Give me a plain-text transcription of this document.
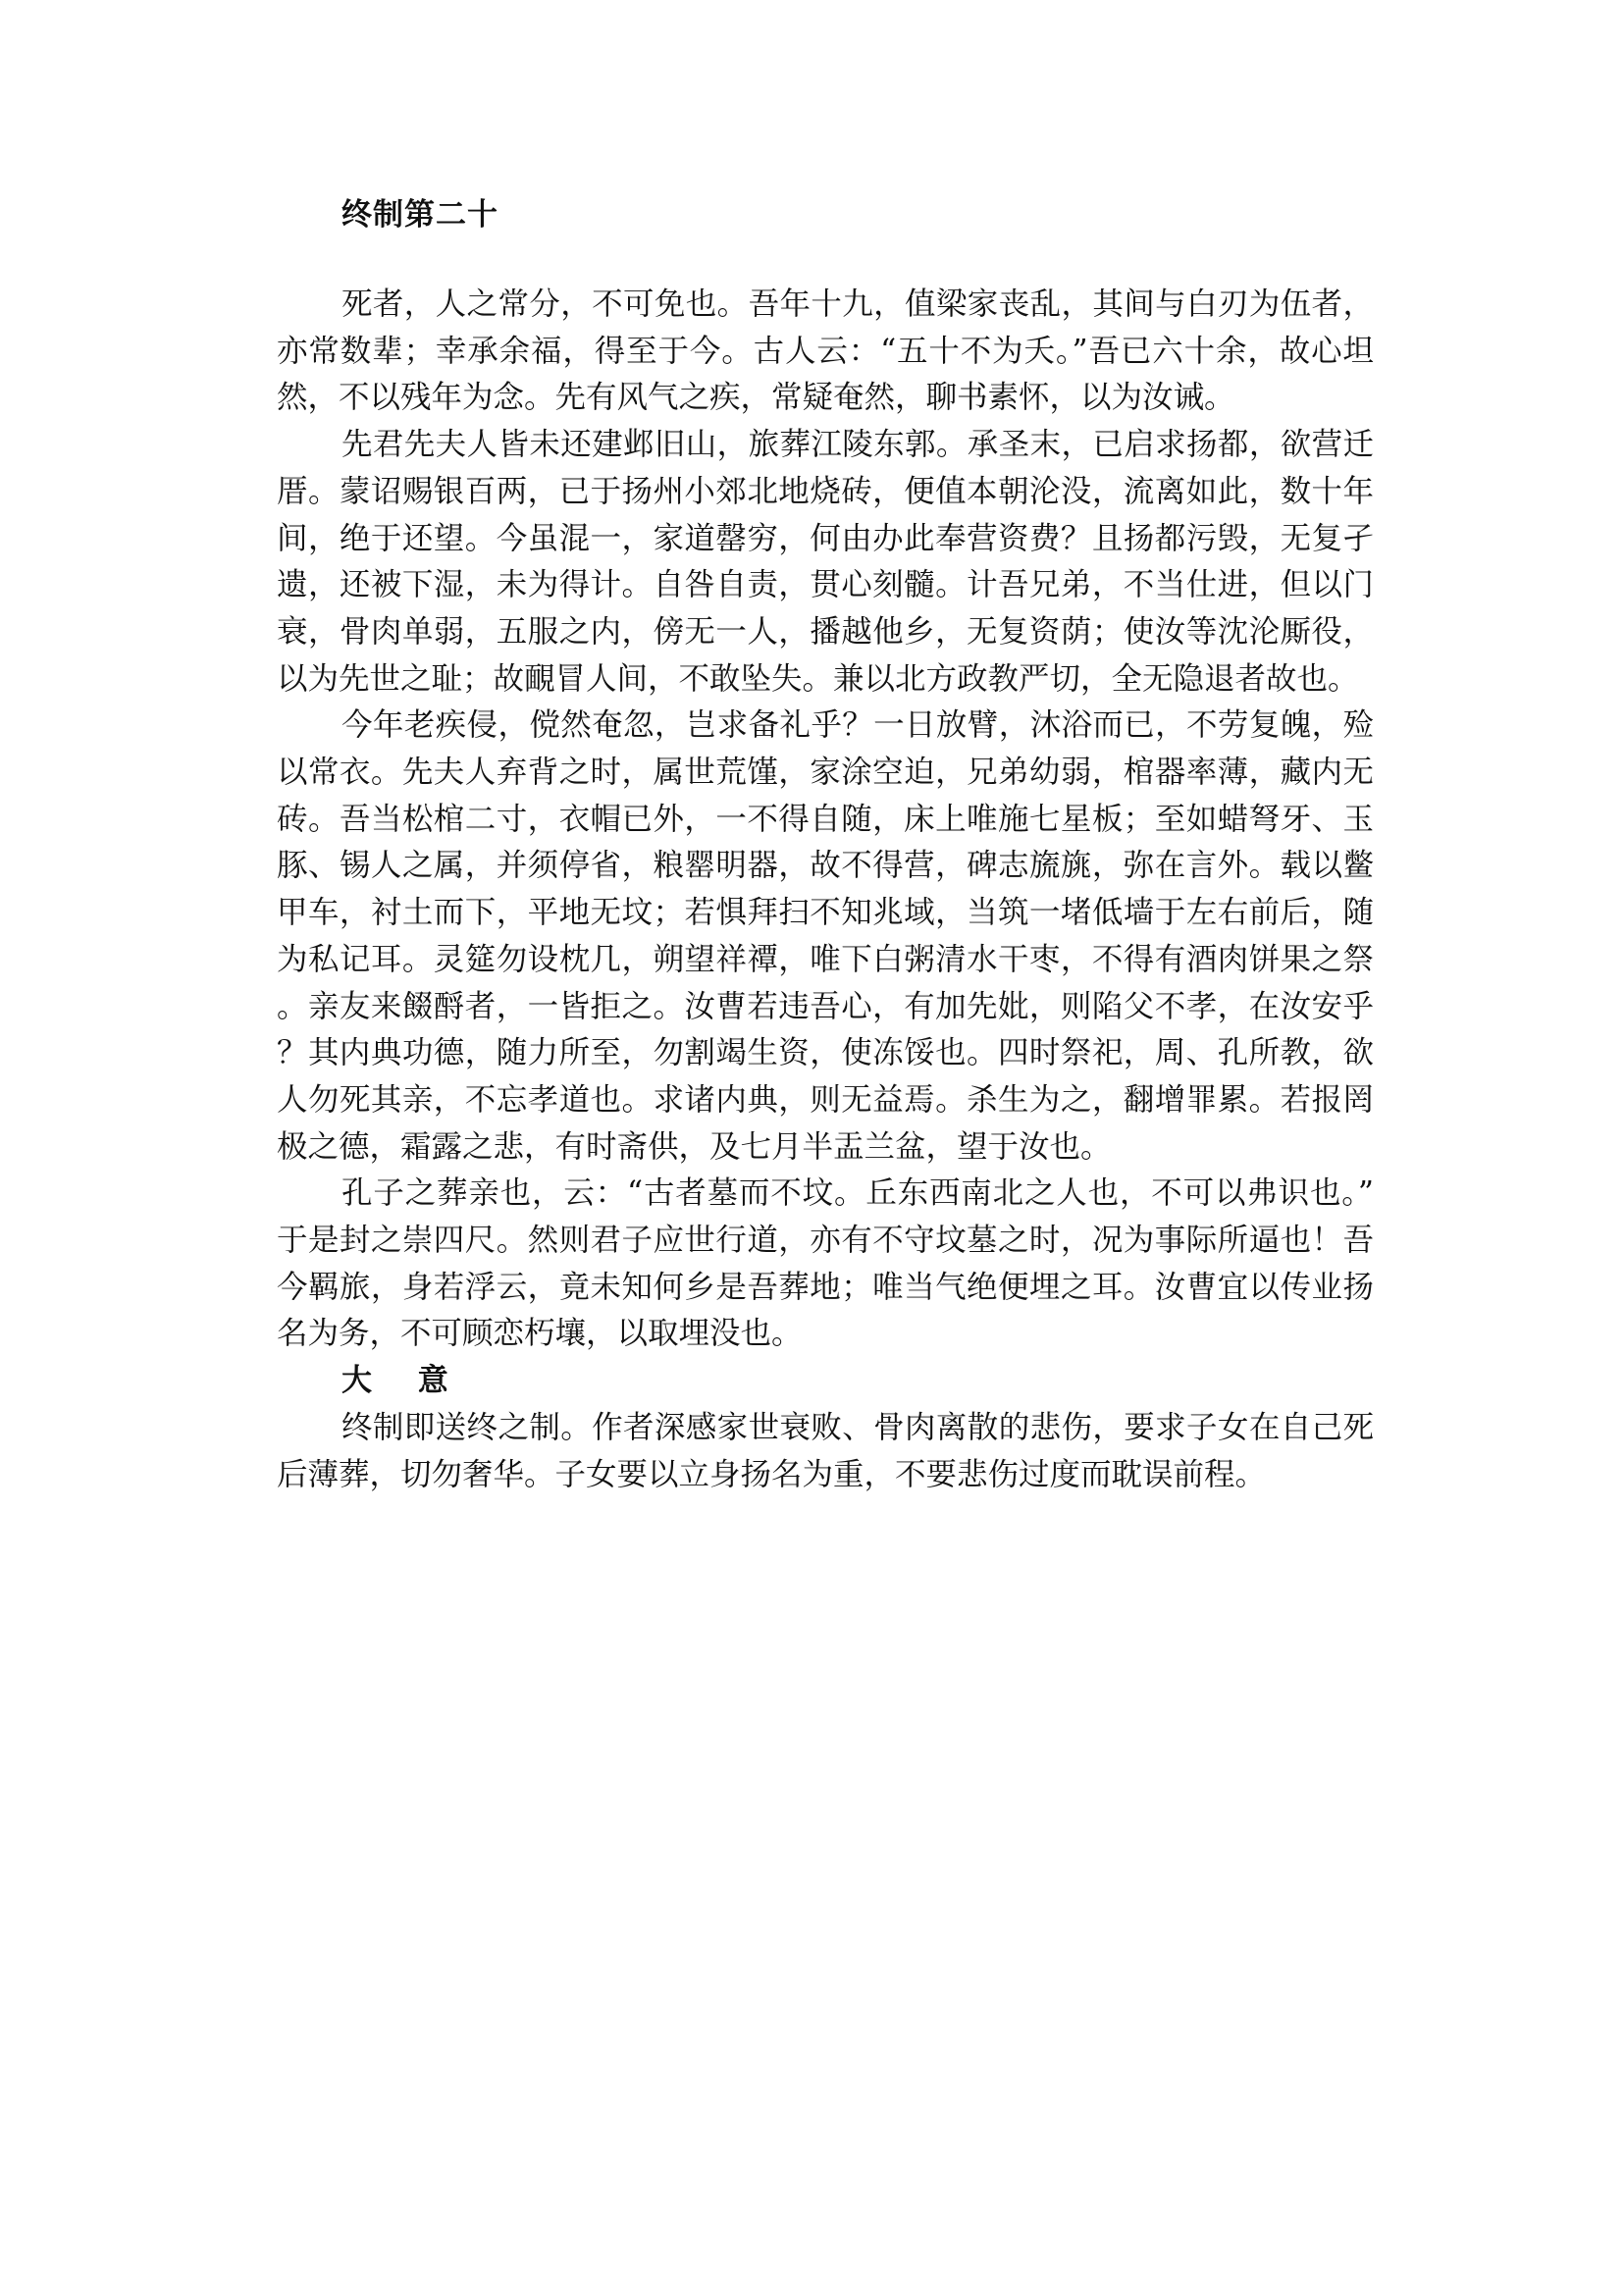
终制第二十

死者，人之常分，不可免也。吾年十九，值梁家丧乱，其间与白刃为伍者，亦常数辈；幸承余福，得至于今。古人云：“五十不为夭。”吾已六十余，故心坦然，不以残年为念。先有风气之疾，常疑奄然，聊书素怀，以为汝诫。

先君先夫人皆未还建邺旧山，旅葬江陵东郭。承圣末，已启求扬都，欲营迁厝。蒙诏赐银百两，已于扬州小郊北地烧砖，便值本朝沦没，流离如此，数十年间，绝于还望。今虽混一，家道罄穷，何由办此奉营资费？且扬都污毁，无复孑遗，还被下湿，未为得计。自咎自责，贯心刻髓。计吾兄弟，不当仕进，但以门衰，骨肉单弱，五服之内，傍无一人，播越他乡，无复资荫；使汝等沈沦厮役，以为先世之耻；故靦冒人间，不敢坠失。兼以北方政教严切，全无隐退者故也。

今年老疾侵，傥然奄忽，岂求备礼乎？一日放臂，沐浴而已，不劳复魄，殓以常衣。先夫人弃背之时，属世荒馑，家涂空迫，兄弟幼弱，棺器率薄，藏内无砖。吾当松棺二寸，衣帽已外，一不得自随，床上唯施七星板；至如蜡弩牙、玉豚、锡人之属，并须停省，粮罂明器，故不得营，碑志旒旐，弥在言外。载以鳖甲车，衬土而下，平地无坟；若惧拜扫不知兆域，当筑一堵低墙于左右前后，随为私记耳。灵筵勿设枕几，朔望祥禫，唯下白粥清水干枣，不得有酒肉饼果之祭。亲友来餟酹者，一皆拒之。汝曹若违吾心，有加先妣，则陷父不孝，在汝安乎？其内典功德，随力所至，勿割竭生资，使冻馁也。四时祭祀，周、孔所教，欲人勿死其亲，不忘孝道也。求诸内典，则无益焉。杀生为之，翻增罪累。若报罔极之德，霜露之悲，有时斋供，及七月半盂兰盆，望于汝也。

孔子之葬亲也，云：“古者墓而不坟。丘东西南北之人也，不可以弗识也。”于是封之崇四尺。然则君子应世行道，亦有不守坟墓之时，况为事际所逼也！吾今羁旅，身若浮云，竟未知何乡是吾葬地；唯当气绝便埋之耳。汝曹宜以传业扬名为务，不可顾恋朽壤，以取埋没也。

大 意

终制即送终之制。作者深感家世衰败、骨肉离散的悲伤，要求子女在自己死后薄葬，切勿奢华。子女要以立身扬名为重，不要悲伤过度而耽误前程。
